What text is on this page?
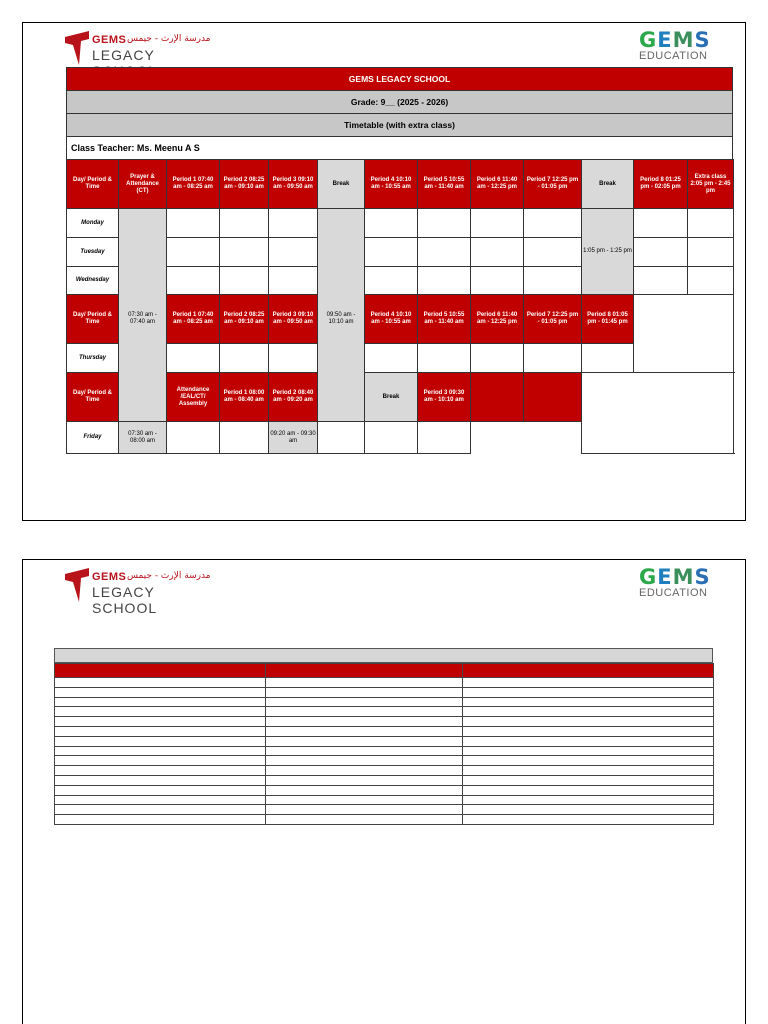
GEMS مدرسة الإرث - جيمس
LEGACY
GEMS
EDUCATION
GEMS LEGACY SCHOOL
Grade: 9__ (2025 - 2026)
Timetable (with extra class)
Class Teacher: Ms. Meenu A S
Day/ Period & Time	Prayer & Attendance (CT)	Period 1 07:40 am - 08:25 am	Period 2 08:25 am - 09:10 am	Period 3 09:10 am - 09:50 am	Break	Period 4 10:10 am - 10:55 am	Period 5 10:55 am - 11:40 am	Period 6 11:40 am - 12:25 pm	Period 7 12:25 pm - 01:05 pm	Break	Period 8 01:25 pm - 02:05 pm	Extra class 2:05 pm - 2:45 pm
Monday	07:30 am - 07:40 am				09:50 am - 10:10 am					1:05 pm - 1:25 pm		
Tuesday												
Wednesday												
Day/ Period & Time		Period 1 07:40 am - 08:25 am	Period 2 08:25 am - 09:10 am	Period 3 09:10 am - 09:50 am		Period 4 10:10 am - 10:55 am	Period 5 10:55 am - 11:40 am	Period 6 11:40 am - 12:25 pm	Period 7 12:25 pm - 01:05 pm	Period 8 01:05 pm - 01:45 pm		
Thursday												
Day/ Period & Time		Attendance /EAL/CT/ Assembly	Period 1 08:00 am - 08:40 am	Period 2 08:40 am - 09:20 am		Break	Period 3 09:30 am - 10:10 am					
Friday	07:30 am - 08:00 am			09:20 am - 09:30 am								
GEMS مدرسة الإرث - جيمس
LEGACY SCHOOL
GEMS
EDUCATION
